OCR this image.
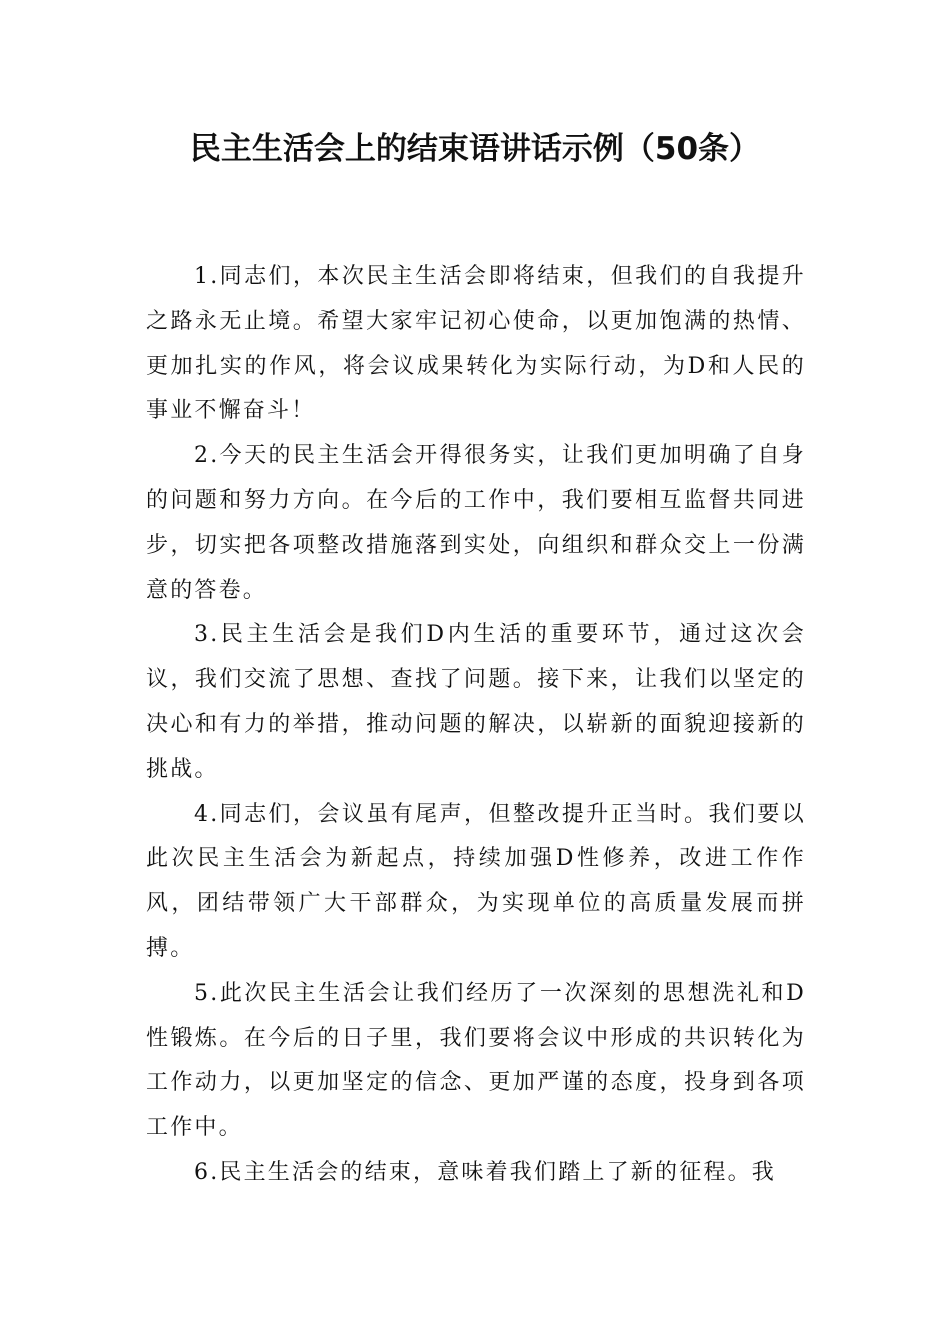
民主生活会上的结束语讲话示例（50条）

1.同志们，本次民主生活会即将结束，但我们的自我提升之路永无止境。希望大家牢记初心使命，以更加饱满的热情、更加扎实的作风，将会议成果转化为实际行动，为D和人民的事业不懈奋斗！

2.今天的民主生活会开得很务实，让我们更加明确了自身的问题和努力方向。在今后的工作中，我们要相互监督共同进步，切实把各项整改措施落到实处，向组织和群众交上一份满意的答卷。

3.民主生活会是我们D内生活的重要环节，通过这次会议，我们交流了思想、查找了问题。接下来，让我们以坚定的决心和有力的举措，推动问题的解决，以崭新的面貌迎接新的挑战。

4.同志们，会议虽有尾声，但整改提升正当时。我们要以此次民主生活会为新起点，持续加强D性修养，改进工作作风，团结带领广大干部群众，为实现单位的高质量发展而拼搏。

5.此次民主生活会让我们经历了一次深刻的思想洗礼和D性锻炼。在今后的日子里，我们要将会议中形成的共识转化为工作动力，以更加坚定的信念、更加严谨的态度，投身到各项工作中。

6.民主生活会的结束，意味着我们踏上了新的征程。我
